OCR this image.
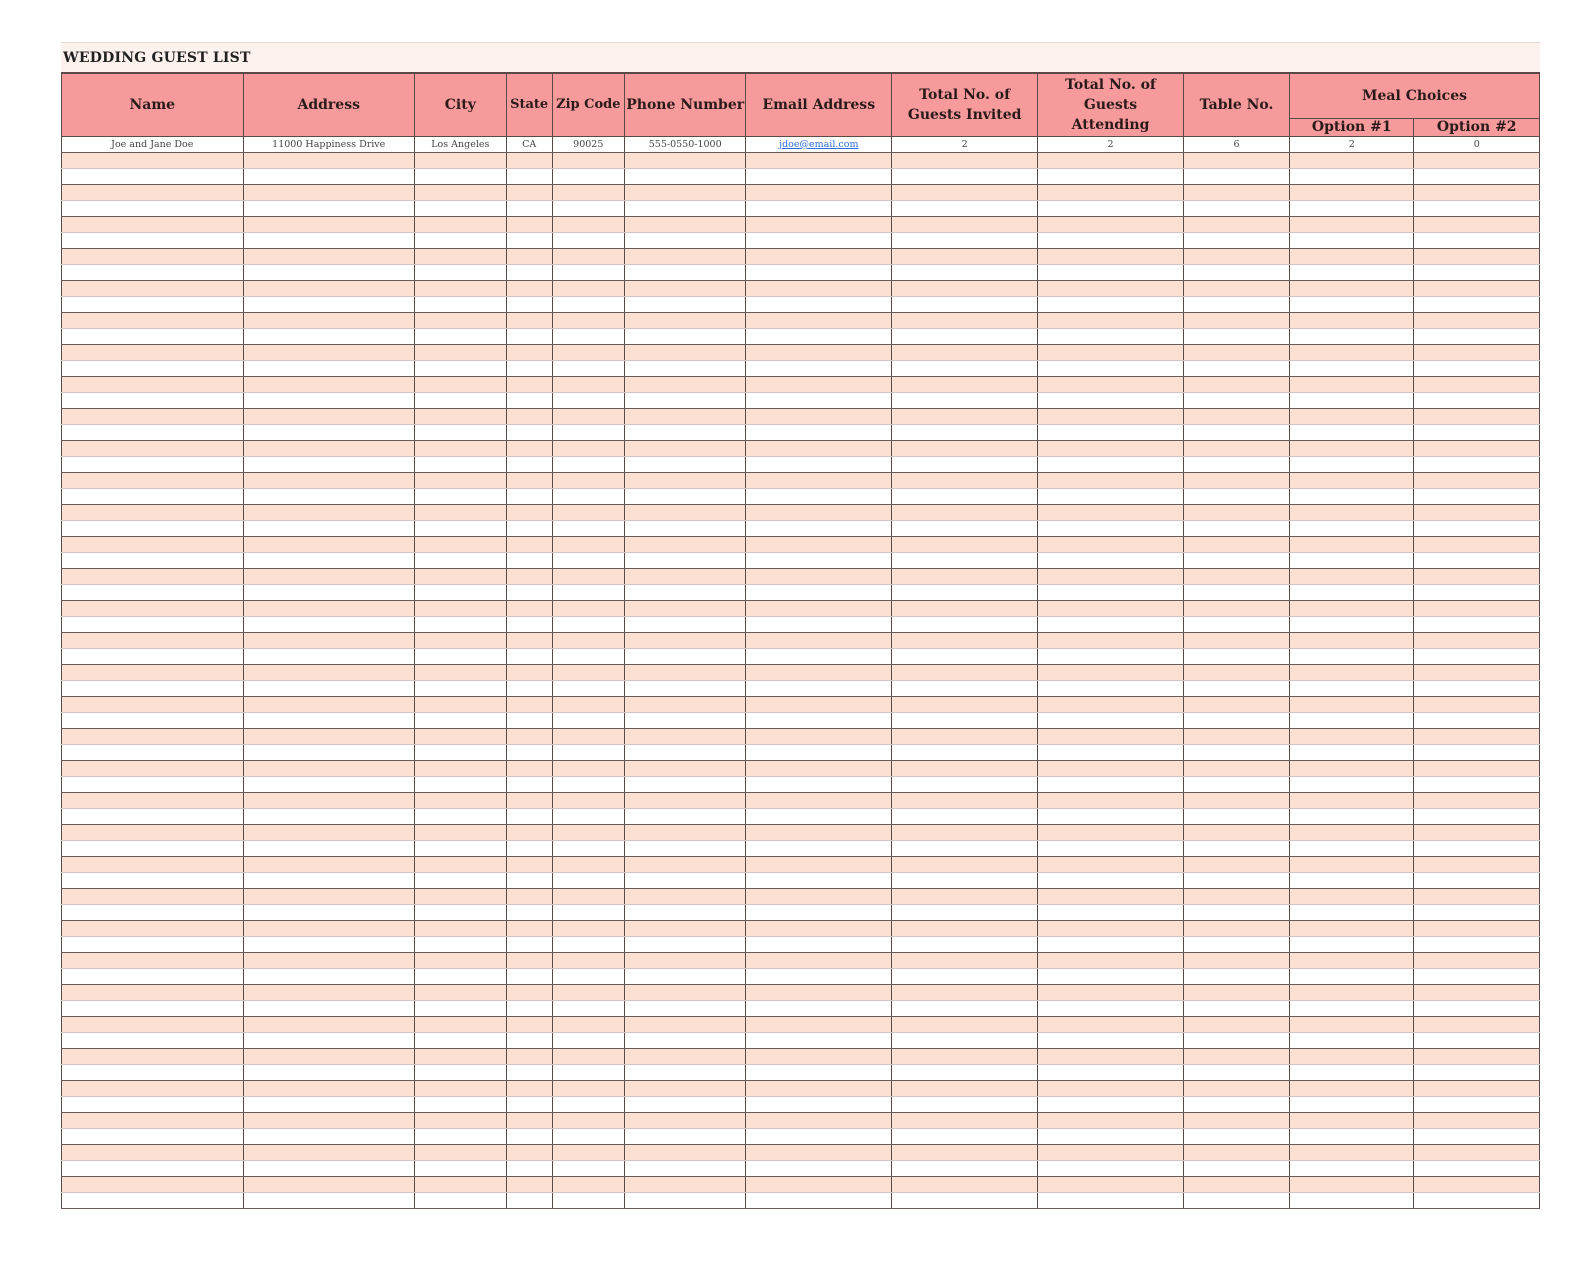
WEDDING GUEST LIST
Name	Address	City	State	Zip Code	Phone Number	Email Address	Total No. of Guests Invited	Total No. of Guests Attending	Table No.	Meal Choices	
										Option #1	Option #2
Joe and Jane Doe	11000 Happiness Drive	Los Angeles	CA	90025	555-0550-1000	jdoe@email.com	2	2	6	2	0
